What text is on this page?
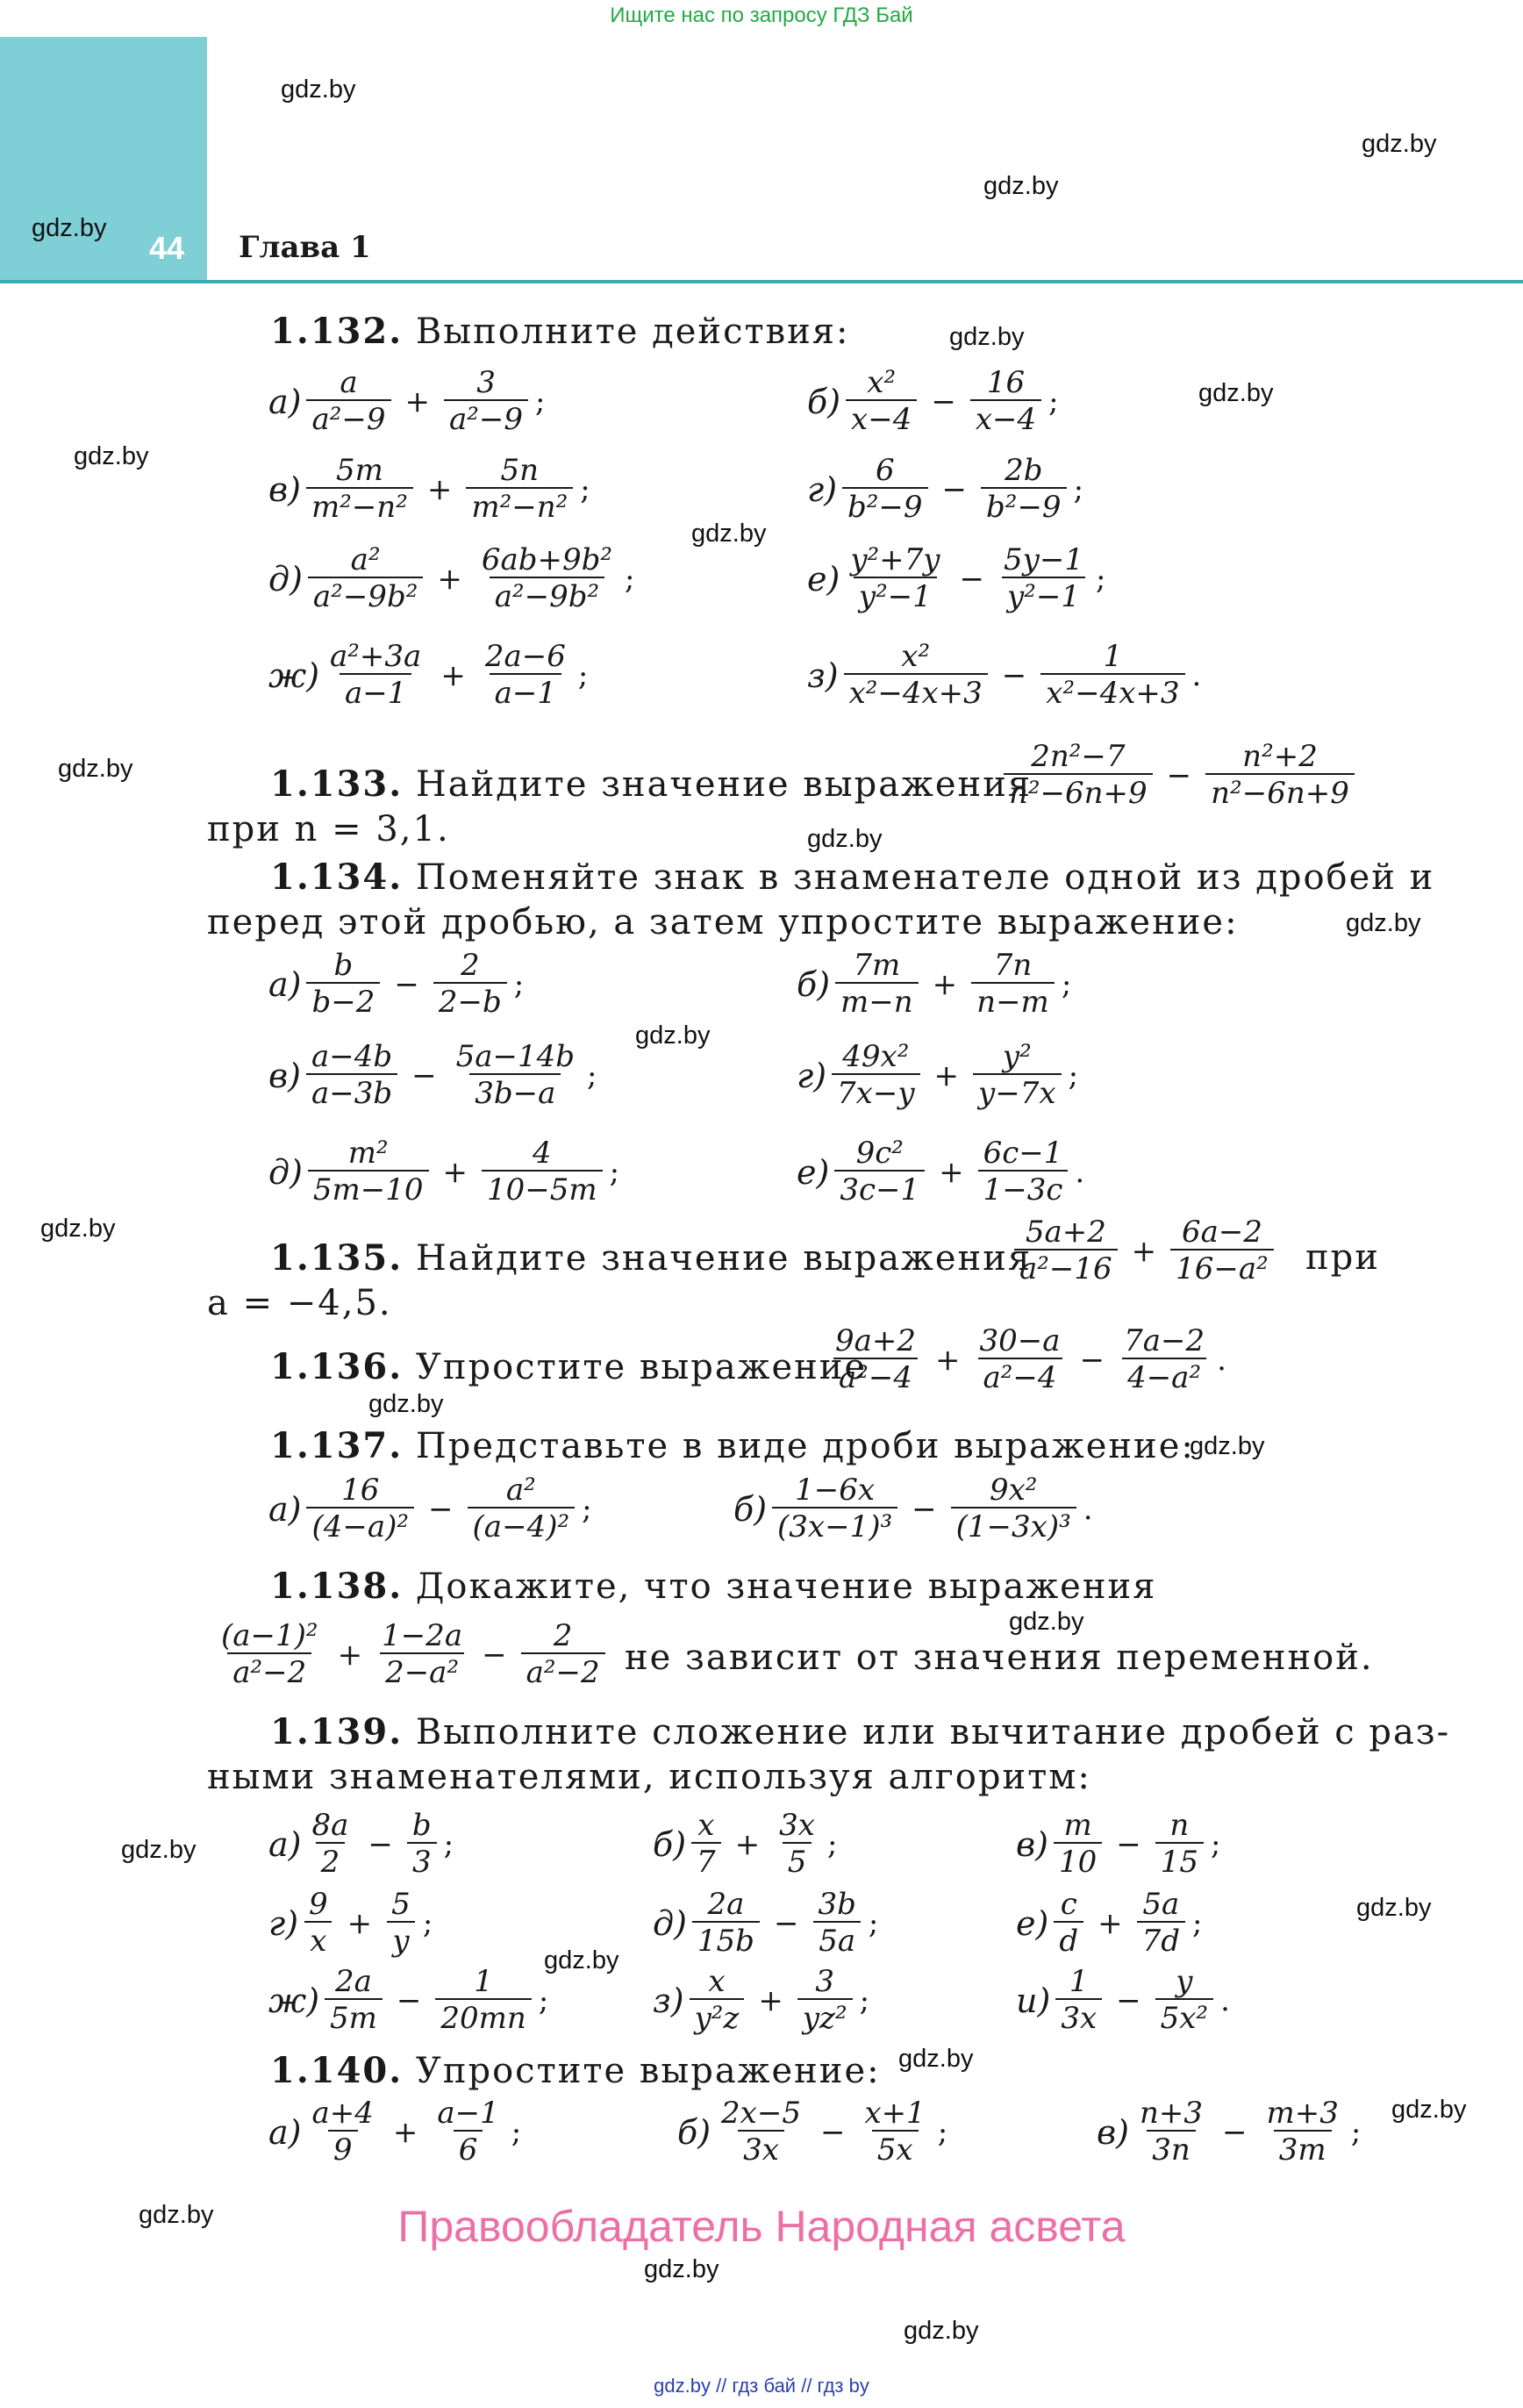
Ищите нас по запросу ГДЗ Бай
44 Глава 1
gdz.by
gdz.by
gdz.by
gdz.by
gdz.by
gdz.by
gdz.by
gdz.by
gdz.by
gdz.by
gdz.by
gdz.by
gdz.by
gdz.by
gdz.by
gdz.by
gdz.by
gdz.by
gdz.by
gdz.by
gdz.by
gdz.by
gdz.by
gdz.by
1.132. Выполните действия:
а)
a
a²−9
+ $\frac{3}{\text{a²−9}}$ ;	б)
x²
x−4
− $\frac{16}{x-4}$ ;
в)
5m
m²−n²
+ $\frac{5n}{\text{m²−n²}}$ ;	г)
6
b²−9
− $\frac{2b}{\text{b²−9}}$ ;
д)
a²
a²−9b²
+ $\frac{\text{6ab+9b²}}{\text{a²−9b²}}$ ;	е)
y²+7y
y²−1
− $\frac{5y-1}{\text{y²−1}}$ ;
ж)
a²+3a
a−1
+ $\frac{2a-6}{a-1}$ ;	з)
x²
x²−4x+3
− $\frac{1}{\text{x²−4x+3}}$ .
1.133. Найдите значение выражения
2n²−7
n²−6n+9
− $\frac{\text{n²+2}}{\text{n²−6n+9}}$
при n = 3,1.
1.134. Поменяйте знак в знаменателе одной из дробей и
перед этой дробью, а затем упростите выражение:
а)
b
b−2
− $\frac{2}{2-b}$ ;	б)
7m
m−n
+ $\frac{7n}{n-m}$ ;
в)
a−4b
a−3b
− $\frac{5a-14b}{3b-a}$ ;	г)
49x²
7x−y
+ $\frac{\text{y²}}{y-7x}$ ;
д)
m²
5m−10
+ $\frac{4}{10-5m}$ ;	е)
9c²
3c−1
+ $\frac{6c-1}{1-3c}$ .
1.135. Найдите значение выражения
5a+2
a²−16
+ $\frac{6a-2}{\text{16−a²}}$ при
a = −4,5.
1.136. Упростите выражение
9a+2
a²−4
+ $\frac{30-a}{\text{a²−4}} - \frac{7a-2}{\text{4−a²}}$ .
1.137. Представьте в виде дроби выражение:
а)
16
(4−a)²
− $\frac{\text{a²}}{\text{(a−4)²}}$ ;	б)
1−6x
(3x−1)³
− $\frac{\text{9x²}}{\text{(1−3x)³}}$ .
1.138. Докажите, что значение выражения
(a−1)²
a²−2
+ $\frac{1-2a}{\text{2−a²}} - \frac{2}{\text{a²−2}}$ не зависит от значения переменной.
1.139. Выполните сложение или вычитание дробей с раз-
ными знаменателями, используя алгоритм:
а)
8a
2
− $\frac{b}{3}$ ;	б)
x
7
+ $\frac{3x}{5}$ ;	в)
m
10
− $\frac{n}{15}$ ;
г)
9
x
+ $\frac{5}{y}$ ;	д)
2a
15b
− $\frac{3b}{5a}$ ;	е)
c
d
+ $\frac{5a}{7d}$ ;
ж)
2a
5m
− $\frac{1}{20mn}$ ;	з)
x
y²z
+ $\frac{3}{\text{yz²}}$ ;	и)
1
3x
− $\frac{y}{\text{5x²}}$ .
1.140. Упростите выражение:
а)
a+4
9
+ $\frac{a-1}{6}$ ;	б)
2x−5
3x
− $\frac{x+1}{5x}$ ;	в)
n+3
3n
− $\frac{m+3}{3m}$ ;
Правообладатель Народная асвета
gdz.by // гдз бай // гдз by
